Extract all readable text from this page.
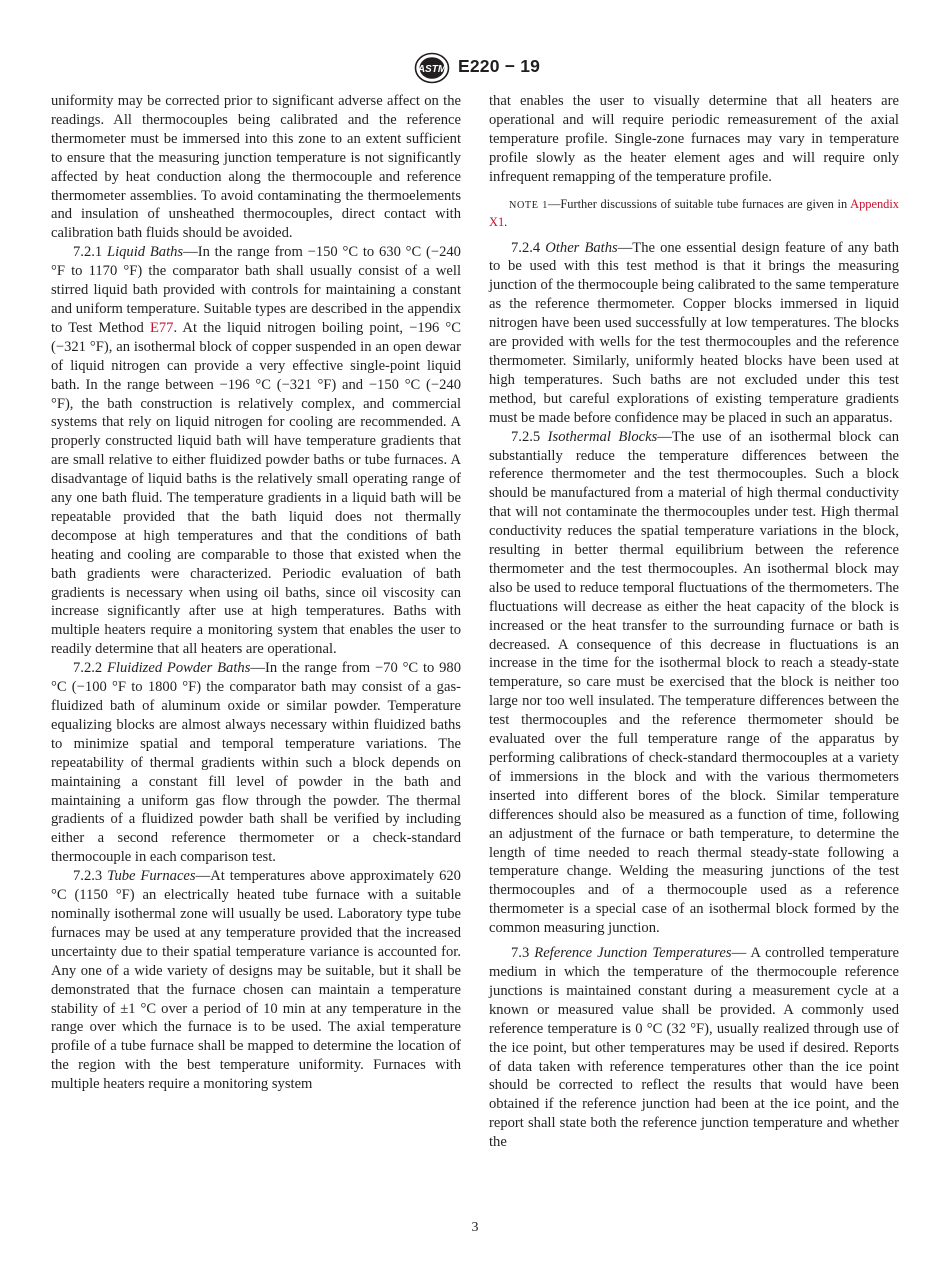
ASTM E220 − 19

uniformity may be corrected prior to significant adverse affect on the readings. All thermocouples being calibrated and the reference thermometer must be immersed into this zone to an extent sufficient to ensure that the measuring junction temperature is not significantly affected by heat conduction along the thermocouple and reference thermometer assemblies. To avoid contaminating the thermoelements and insulation of unsheathed thermocouples, direct contact with calibration bath fluids should be avoided.

7.2.1 Liquid Baths—In the range from −150 °C to 630 °C (−240 °F to 1170 °F) the comparator bath shall usually consist of a well stirred liquid bath provided with controls for maintaining a constant and uniform temperature. Suitable types are described in the appendix to Test Method E77. At the liquid nitrogen boiling point, −196 °C (−321 °F), an isothermal block of copper suspended in an open dewar of liquid nitrogen can provide a very effective single-point liquid bath. In the range between −196 °C (−321 °F) and −150 °C (−240 °F), the bath construction is relatively complex, and commercial systems that rely on liquid nitrogen for cooling are recommended. A properly constructed liquid bath will have temperature gradients that are small relative to either fluidized powder baths or tube furnaces. A disadvantage of liquid baths is the relatively small operating range of any one bath fluid. The temperature gradients in a liquid bath will be repeatable provided that the bath liquid does not thermally decompose at high temperatures and that the conditions of bath heating and cooling are comparable to those that existed when the bath gradients were characterized. Periodic evaluation of bath gradients is necessary when using oil baths, since oil viscosity can increase significantly after use at high temperatures. Baths with multiple heaters require a monitoring system that enables the user to readily determine that all heaters are operational.

7.2.2 Fluidized Powder Baths—In the range from −70 °C to 980 °C (−100 °F to 1800 °F) the comparator bath may consist of a gas-fluidized bath of aluminum oxide or similar powder. Temperature equalizing blocks are almost always necessary within fluidized baths to minimize spatial and temporal temperature variations. The repeatability of thermal gradients within such a block depends on maintaining a constant fill level of powder in the bath and maintaining a uniform gas flow through the powder. The thermal gradients of a fluidized powder bath shall be verified by including either a second reference thermometer or a check-standard thermocouple in each comparison test.

7.2.3 Tube Furnaces—At temperatures above approximately 620 °C (1150 °F) an electrically heated tube furnace with a suitable nominally isothermal zone will usually be used. Laboratory type tube furnaces may be used at any temperature provided that the increased uncertainty due to their spatial temperature variance is accounted for. Any one of a wide variety of designs may be suitable, but it shall be demonstrated that the furnace chosen can maintain a temperature stability of ±1 °C over a period of 10 min at any temperature in the range over which the furnace is to be used. The axial temperature profile of a tube furnace shall be mapped to determine the location of the region with the best temperature uniformity. Furnaces with multiple heaters require a monitoring system

that enables the user to visually determine that all heaters are operational and will require periodic remeasurement of the axial temperature profile. Single-zone furnaces may vary in temperature profile slowly as the heater element ages and will require only infrequent remapping of the temperature profile.

NOTE 1—Further discussions of suitable tube furnaces are given in Appendix X1.

7.2.4 Other Baths—The one essential design feature of any bath to be used with this test method is that it brings the measuring junction of the thermocouple being calibrated to the same temperature as the reference thermometer. Copper blocks immersed in liquid nitrogen have been used successfully at low temperatures. The blocks are provided with wells for the test thermocouples and the reference thermometer. Similarly, uniformly heated blocks have been used at high temperatures. Such baths are not excluded under this test method, but careful explorations of existing temperature gradients must be made before confidence may be placed in such an apparatus.

7.2.5 Isothermal Blocks—The use of an isothermal block can substantially reduce the temperature differences between the reference thermometer and the test thermocouples. Such a block should be manufactured from a material of high thermal conductivity that will not contaminate the thermocouples under test. High thermal conductivity reduces the spatial temperature variations in the block, resulting in better thermal equilibrium between the reference thermometer and the test thermocouples. An isothermal block may also be used to reduce temporal fluctuations of the thermometers. The fluctuations will decrease as either the heat capacity of the block is increased or the heat transfer to the surrounding furnace or bath is decreased. A consequence of this decrease in fluctuations is an increase in the time for the isothermal block to reach a steady-state temperature, so care must be exercised that the block is neither too large nor too well insulated. The temperature differences between the test thermocouples and the reference thermometer should be evaluated over the full temperature range of the apparatus by performing calibrations of check-standard thermocouples at a variety of immersions in the block and with the various thermometers inserted into different bores of the block. Similar temperature differences should also be measured as a function of time, following an adjustment of the furnace or bath temperature, to determine the length of time needed to reach thermal steady-state following a temperature change. Welding the measuring junctions of the test thermocouples and of a thermocouple used as a reference thermometer is a special case of an isothermal block formed by the common measuring junction.

7.3 Reference Junction Temperatures— A controlled temperature medium in which the temperature of the thermocouple reference junctions is maintained constant during a measurement cycle at a known or measured value shall be provided. A commonly used reference temperature is 0 °C (32 °F), usually realized through use of the ice point, but other temperatures may be used if desired. Reports of data taken with reference temperatures other than the ice point should be corrected to reflect the results that would have been obtained if the reference junction had been at the ice point, and the report shall state both the reference junction temperature and whether the

3
